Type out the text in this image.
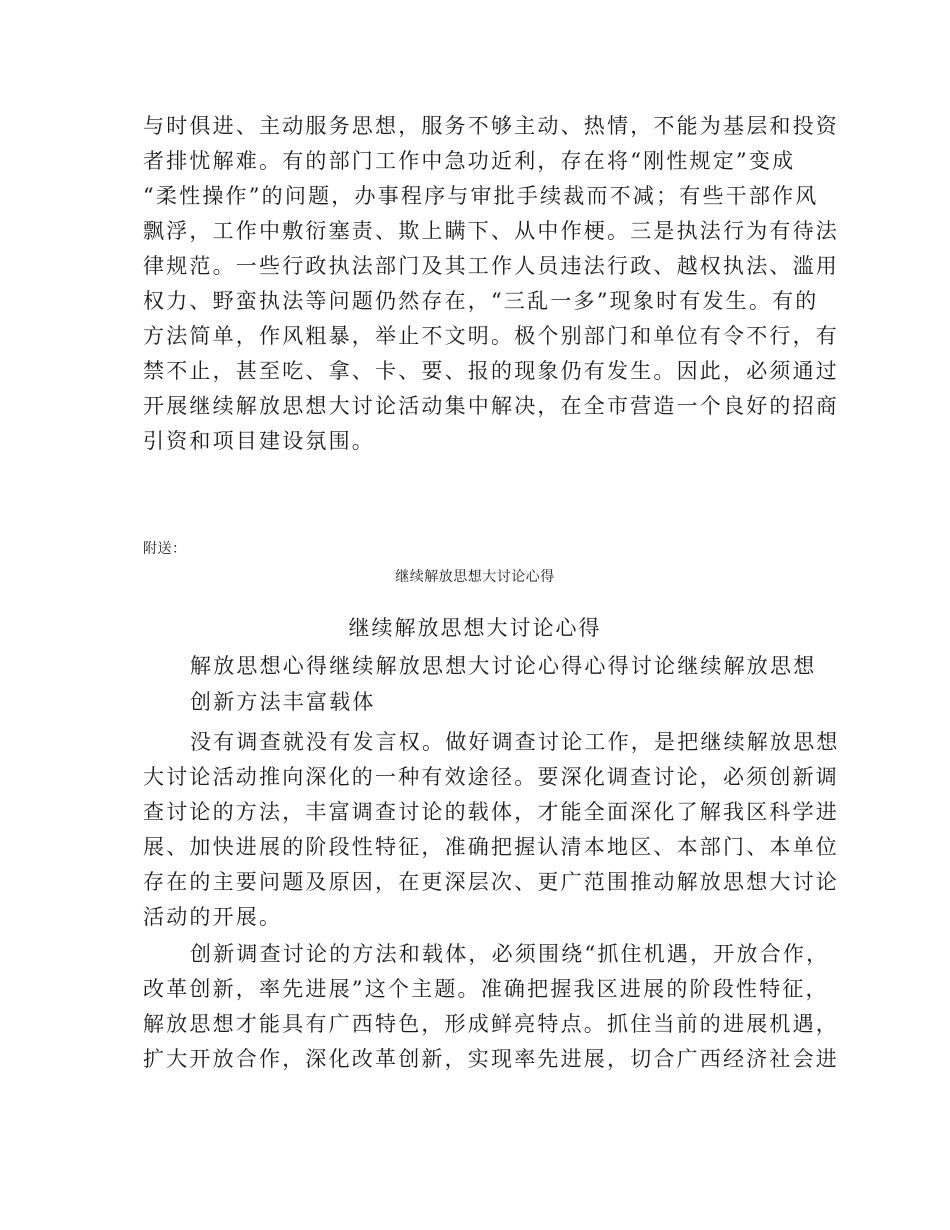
与时俱进、主动服务思想，服务不够主动、热情，不能为基层和投资
者排忧解难。有的部门工作中急功近利，存在将“刚性规定”变成
“柔性操作”的问题，办事程序与审批手续裁而不减；有些干部作风
飘浮，工作中敷衍塞责、欺上瞒下、从中作梗。三是执法行为有待法
律规范。一些行政执法部门及其工作人员违法行政、越权执法、滥用
权力、野蛮执法等问题仍然存在，“三乱一多”现象时有发生。有的
方法简单，作风粗暴，举止不文明。极个别部门和单位有令不行，有
禁不止，甚至吃、拿、卡、要、报的现象仍有发生。因此，必须通过
开展继续解放思想大讨论活动集中解决，在全市营造一个良好的招商
引资和项目建设氛围。
附送：
继续解放思想大讨论心得
继续解放思想大讨论心得
解放思想心得继续解放思想大讨论心得心得讨论继续解放思想
创新方法丰富载体
没有调查就没有发言权。做好调查讨论工作，是把继续解放思想
大讨论活动推向深化的一种有效途径。要深化调查讨论，必须创新调
查讨论的方法，丰富调查讨论的载体，才能全面深化了解我区科学进
展、加快进展的阶段性特征，准确把握认清本地区、本部门、本单位
存在的主要问题及原因，在更深层次、更广范围推动解放思想大讨论
活动的开展。
创新调查讨论的方法和载体，必须围绕“抓住机遇，开放合作，
改革创新，率先进展”这个主题。准确把握我区进展的阶段性特征，
解放思想才能具有广西特色，形成鲜亮特点。抓住当前的进展机遇，
扩大开放合作，深化改革创新，实现率先进展，切合广西经济社会进
